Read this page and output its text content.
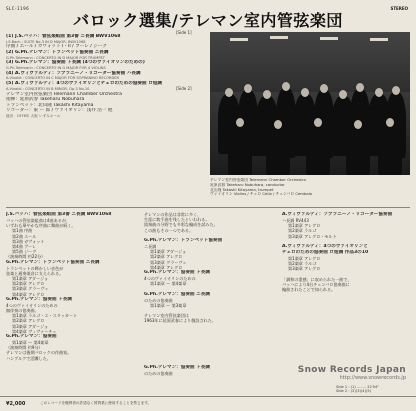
SLC-1196	STEREO
バロック選集/テレマン室内管弦楽団
[Side 1]
[Side 2]
(1) J.S.バッハ：管弦楽組曲 第3番 ニ長調 BWV1068
J.S.Bach : SUITE No.3 IN D MAJOR, BWV1068
序曲 / エール / ガヴォット I・II / ブーレ / ジーグ
(2) G.Ph.テレマン：トランペット協奏曲 ニ長調
G.Ph.Telemann : CONCERTO IN D MAJOR FOR TRUMPET
(3) G.Ph.テレマン：協奏曲 ト長調 (4つのヴァイオリンのための)
G.Ph.Telemann : CONCERTO IN G MAJOR FOR 4 VIOLINS
(4) A.ヴィヴァルディ：ソプラニーノ・リコーダー協奏曲 ハ長調
A.Vivaldi : CONCERTO IN C MAJOR FOR SOPRANINO RECORDER
(5) A.ヴィヴァルディ：4つのヴァイオリンとチェロのための協奏曲 ロ短調
A.Vivaldi : CONCERTO IN B MINOR, Op.3 No.10
テレマン室内管弦楽団 Telemann Chamber Orchestra
指揮：延原武春 Takeharu Nobuhara
トランペット：北山隆 Takashi Kitayama
リコーダー：東 ー 郎 / ヴァイオリン：浅井 浩一 他
録音：1976年 大阪 いずみホール
テレマン室内管弦楽団 Telemann Chamber Orchestra
延原武春 Takeharu Nobuhara, conductor
北山隆 Takashi Kitayama, trumpet
ヴァイオリン Violins / チェロ Cello / チェンバロ Cembalo

J.S.バッハ：管弦楽組曲 第3番 ニ長調 BWV1068

バッハの管弦楽組曲は4曲あるが、

いずれも華やかな序曲に舞曲が続く。

第1曲 序曲

第2曲 エール

第3曲 ガヴォット

第4曲 ブーレ

第5曲 ジーグ

（演奏時間 約22分）

G.Ph.テレマン：トランペット協奏曲 ニ長調

トランペットの輝かしい音色が

弦楽と通奏低音に支えられる。

第1楽章 アダージョ

第2楽章 アレグロ

第3楽章 グラーヴェ

第4楽章 アレグロ

G.Ph.テレマン：協奏曲 ト長調

4つのヴァイオリンのための

無伴奏の協奏曲。

第1楽章 ラルゴ・エ・スタッカート

第2楽章 アレグロ

第3楽章 アダージョ

第4楽章 ヴィヴァーチェ

G.Ph.テレマン：協奏曲

第1楽章 〜 第4楽章

（演奏時間 約9分）

テレマンは後期バロックの作曲家。

ハンブルクで活躍した。

テレマンの作品は非常に多く、

生涯に数千曲を残したといわれる。

協奏曲の分野でも多彩な編成を試みた。

この曲もその一つである。

G.Ph.テレマン：トランペット協奏曲

ニ長調

第1楽章 アダージョ

第2楽章 アレグロ

第3楽章 グラーヴェ

第4楽章 アレグロ

G.Ph.テレマン：協奏曲 ト長調

4つのヴァイオリンのための

第1楽章 〜 第4楽章

G.Ph.テレマン：協奏曲 ニ長調

のための協奏曲

第1楽章 〜 第3楽章

テレマン室内管弦楽団は

1963年に延原武春により創設された。

G.Ph.テレマン：協奏曲 ト長調

のための協奏曲

A.ヴィヴァルディ：ソプラニーノ・リコーダー協奏曲

ハ長調 RV443

第1楽章 アレグロ

第2楽章 ラルゴ

第3楽章 アレグロ・モルト

A.ヴィヴァルディ：4つのヴァイオリンと

チェロのための協奏曲 ロ短調 作品3の10

第1楽章 アレグロ

第2楽章 ラルゴ

第3楽章 アレグロ

「調和の霊感」に収められた一曲で、

バッハにより4台チェンバロ協奏曲に

編曲されたことで知られる。

Side 1 : (1) ........ 22'04"
Side 2 : (2)(3)(4)(5)
Snow Records Japan
http://www.snowrecords.jp
¥2,000	このレコードを権利者の許諾なく賃貸業に使用することを禁じます。
